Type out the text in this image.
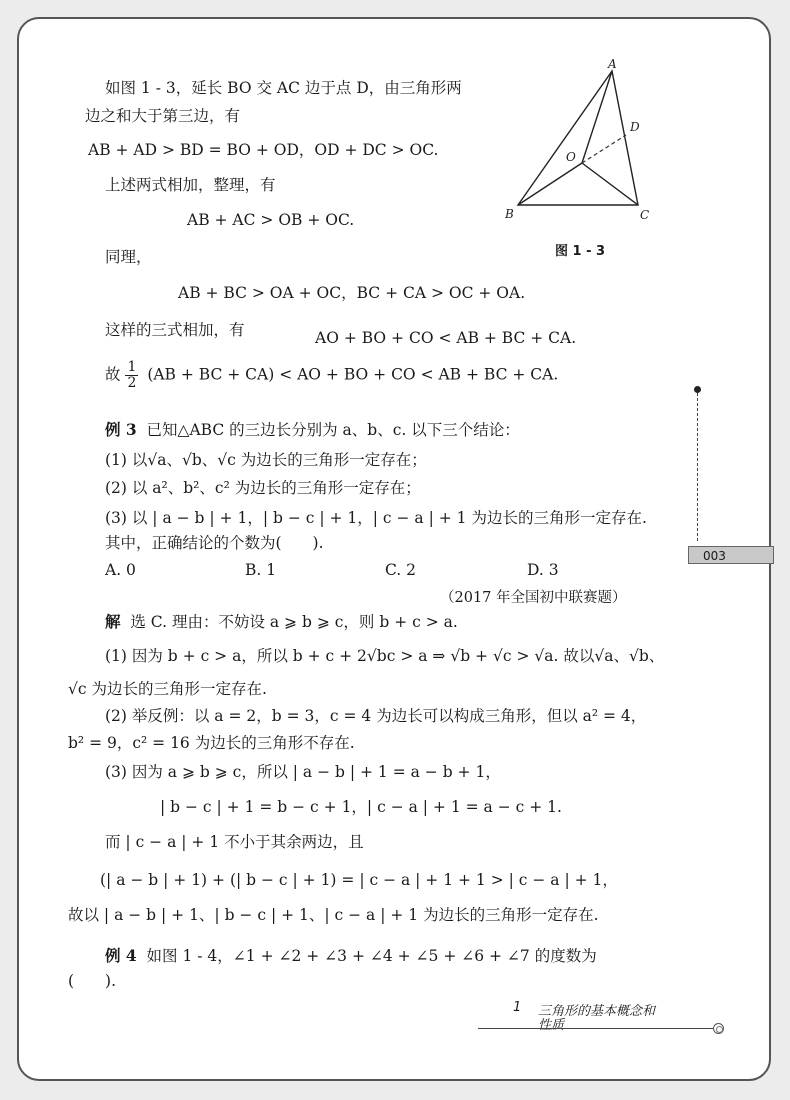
A
B	C
D
O
图 1 - 3
如图 1 - 3，延长 BO 交 AC 边于点 D，由三角形两
边之和大于第三边，有
AB + AD > BD = BO + OD，OD + DC > OC.
上述两式相加，整理，有
AB + AC > OB + OC.
同理，
AB + BC > OA + OC，BC + CA > OC + OA.
这样的三式相加，有	AO + BO + CO < AB + BC + CA.
故 $\frac{1}{2} (AB$ + BC + CA) < AO + BO + CO < AB + BC + CA.
例 3 已知△ABC 的三边长分别为 a、b、c. 以下三个结论：
(1) 以√a、√b、√c 为边长的三角形一定存在；
(2) 以 a²、b²、c² 为边长的三角形一定存在；
(3) 以 | a − b | + 1，| b − c | + 1，| c − a | + 1 为边长的三角形一定存在.
其中，正确结论的个数为(　　).
A. 0	B. 1	C. 2	D. 3
（2017 年全国初中联赛题）
解 选 C. 理由：不妨设 a ⩾ b ⩾ c，则 b + c > a.
(1) 因为 b + c > a，所以 b + c + 2√bc > a ⇒ √b + √c > √a. 故以√a、√b、
√c 为边长的三角形一定存在.
(2) 举反例：以 a = 2，b = 3，c = 4 为边长可以构成三角形，但以 a² = 4，
b² = 9，c² = 16 为边长的三角形不存在.
(3) 因为 a ⩾ b ⩾ c，所以 | a − b | + 1 = a − b + 1，
| b − c | + 1 = b − c + 1，| c − a | + 1 = a − c + 1.
而 | c − a | + 1 不小于其余两边，且
(| a − b | + 1) + (| b − c | + 1) = | c − a | + 1 + 1 > | c − a | + 1，
故以 | a − b | + 1、| b − c | + 1、| c − a | + 1 为边长的三角形一定存在.
例 4 如图 1 - 4，∠1 + ∠2 + ∠3 + ∠4 + ∠5 + ∠6 + ∠7 的度数为
(　　).
003
1 三角形的基本概念和
性质
